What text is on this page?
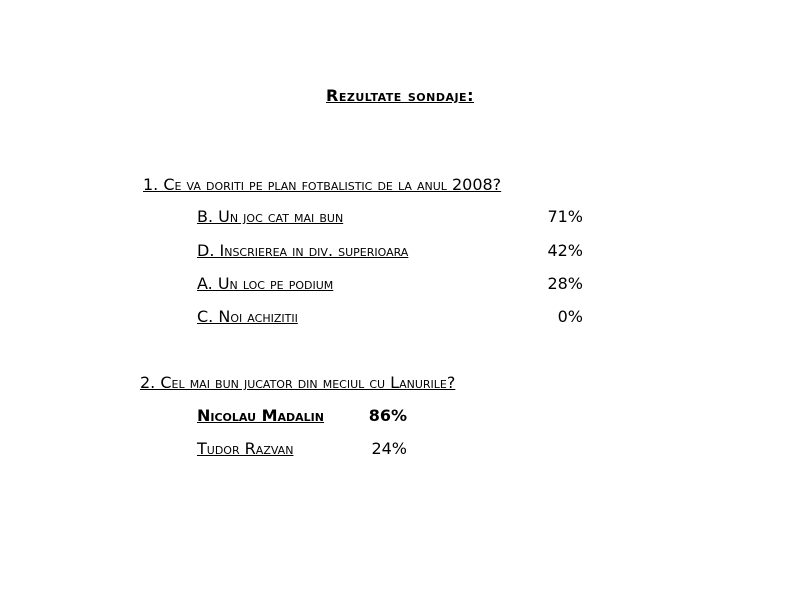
Rezultate sondaje:
1. Ce va doriti pe plan fotbalistic de la anul 2008?
B. Un joc cat mai bun	71%
D. Inscrierea in div. superioara	42%
A. Un loc pe podium	28%
C. Noi achizitii	0%
2. Cel mai bun jucator din meciul cu Lanurile?
Nicolau Madalin	86%
Tudor Razvan	24%
